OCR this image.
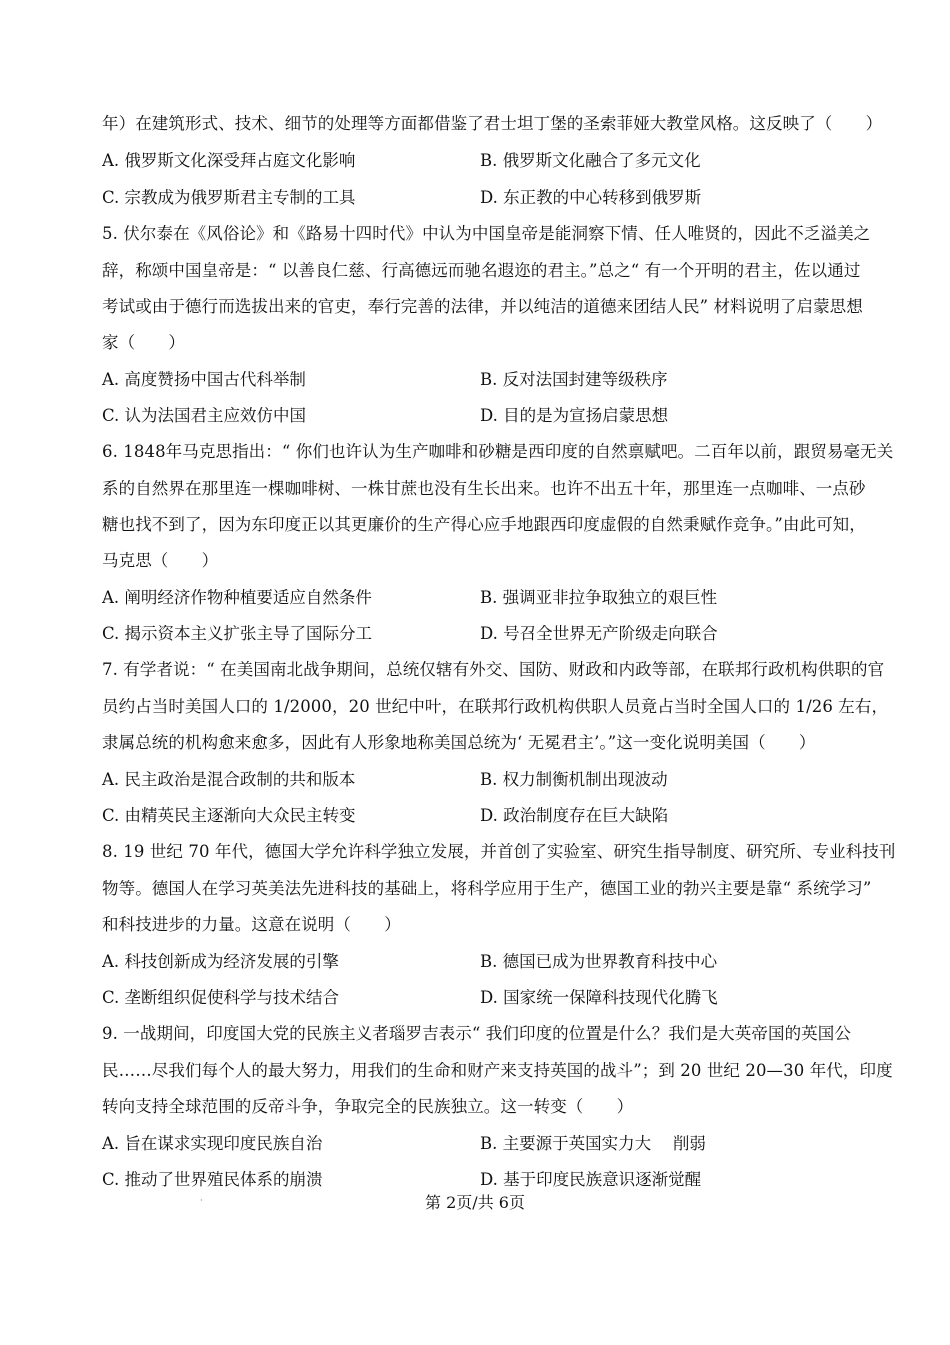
年）在建筑形式、技术、细节的处理等方面都借鉴了君士坦丁堡的圣索菲娅大教堂风格。这反映了（　　）
A. 俄罗斯文化深受拜占庭文化影响	B. 俄罗斯文化融合了多元文化
C. 宗教成为俄罗斯君主专制的工具	D. 东正教的中心转移到俄罗斯
5. 伏尔泰在《风俗论》和《路易十四时代》中认为中国皇帝是能洞察下情、任人唯贤的，因此不乏溢美之
辞，称颂中国皇帝是：“ 以善良仁慈、行高德远而驰名遐迩的君主。”总之“ 有一个开明的君主，佐以通过
考试或由于德行而选拔出来的官吏，奉行完善的法律，并以纯洁的道德来团结人民” 材料说明了启蒙思想
家（　　）
A. 高度赞扬中国古代科举制	B. 反对法国封建等级秩序
C. 认为法国君主应效仿中国	D. 目的是为宣扬启蒙思想
6. 1848年马克思指出：“ 你们也许认为生产咖啡和砂糖是西印度的自然禀赋吧。二百年以前，跟贸易毫无关
系的自然界在那里连一棵咖啡树、一株甘蔗也没有生长出来。也许不出五十年，那里连一点咖啡、一点砂
糖也找不到了，因为东印度正以其更廉价的生产得心应手地跟西印度虚假的自然秉赋作竞争。”由此可知，
马克思（　　）
A. 阐明经济作物种植要适应自然条件	B. 强调亚非拉争取独立的艰巨性
C. 揭示资本主义扩张主导了国际分工	D. 号召全世界无产阶级走向联合
7. 有学者说：“ 在美国南北战争期间，总统仅辖有外交、国防、财政和内政等部，在联邦行政机构供职的官
员约占当时美国人口的 1/2000，20 世纪中叶，在联邦行政机构供职人员竟占当时全国人口的 1/26 左右，
隶属总统的机构愈来愈多，因此有人形象地称美国总统为‘ 无冕君主’。”这一变化说明美国（　　）
A. 民主政治是混合政制的共和版本	B. 权力制衡机制出现波动
C. 由精英民主逐渐向大众民主转变	D. 政治制度存在巨大缺陷
8. 19 世纪 70 年代，德国大学允许科学独立发展，并首创了实验室、研究生指导制度、研究所、专业科技刊
物等。德国人在学习英美法先进科技的基础上，将科学应用于生产，德国工业的勃兴主要是靠“ 系统学习”
和科技进步的力量。这意在说明（　　）
A. 科技创新成为经济发展的引擎	B. 德国已成为世界教育科技中心
C. 垄断组织促使科学与技术结合	D. 国家统一保障科技现代化腾飞
9. 一战期间，印度国大党的民族主义者瑙罗吉表示“ 我们印度的位置是什么？我们是大英帝国的英国公
民……尽我们每个人的最大努力，用我们的生命和财产来支持英国的战斗”；到 20 世纪 20—30 年代，印度
转向支持全球范围的反帝斗争，争取完全的民族独立。这一转变（　　）
A. 旨在谋求实现印度民族自治	B. 主要源于英国实力大　 削弱
C. 推动了世界殖民体系的崩溃	D. 基于印度民族意识逐渐觉醒
·	第 2页/共 6页
